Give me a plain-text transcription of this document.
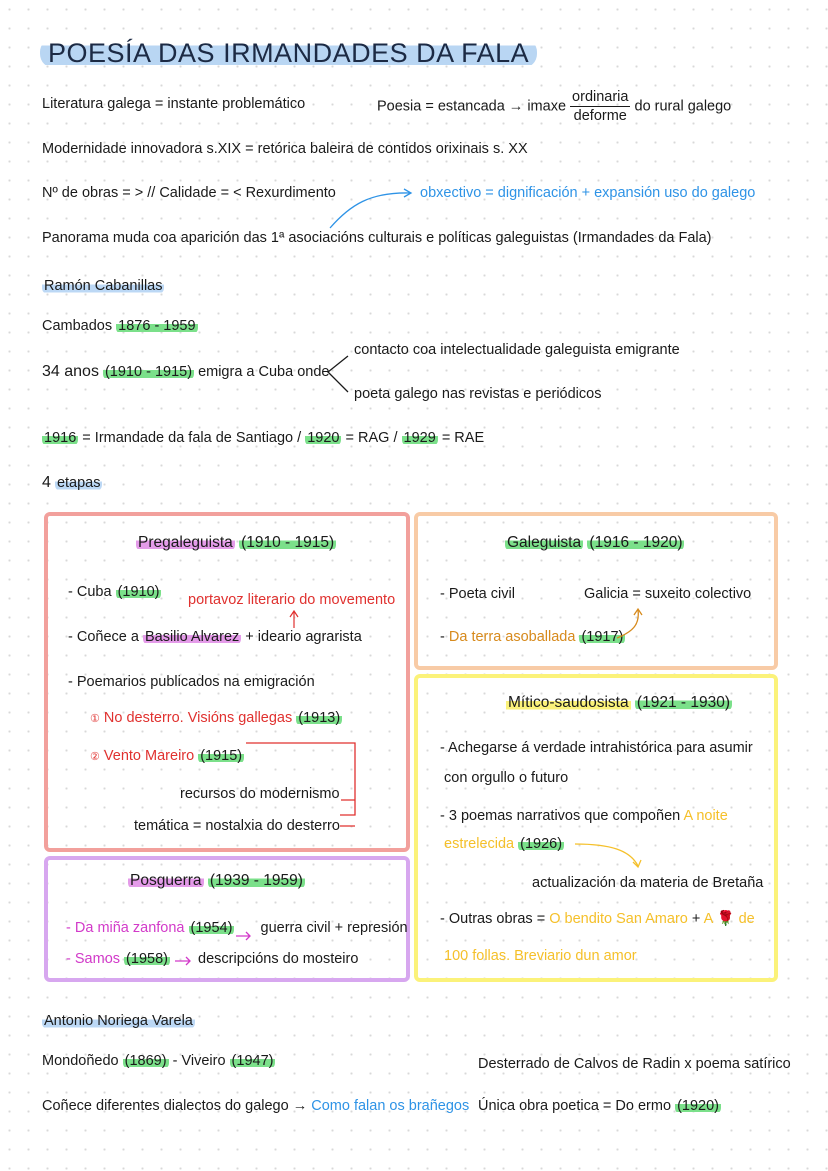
POESÍA DAS IRMANDADES DA FALA
Literatura galega = instante problemático	Poesia = estancada → imaxe $\frac{\text{ordinaria}}{\text{deforme}}$ do rural galego
Modernidade innovadora s.XIX = retórica baleira de contidos orixinais s. XX
Nº de obras = > // Calidade = < Rexurdimento	obxectivo = dignificación + expansión uso do galego
Panorama muda coa aparición das 1ª asociacións culturais e políticas galeguistas (Irmandades da Fala)
Ramón Cabanillas
Cambados 1876 - 1959
34 anos (1910 - 1915) emigra a Cuba onde
contacto coa intelectualidade galeguista emigrante
poeta galego nas revistas e periódicos
1916 = Irmandade da fala de Santiago / 1920 = RAG / 1929 = RAE
4 etapas
Pregaleguista (1910 - 1915)
- Cuba (1910) portavoz literario do movemento
- Coñece a Basilio Alvarez + ideario agrarista
- Poemarios publicados na emigración
① No desterro. Visións gallegas (1913)
② Vento Mareiro (1915)
recursos do modernismo
temática = nostalxia do desterro
Galeguista (1916 - 1920)
- Poeta civil	Galicia = suxeito colectivo
- Da terra asoballada (1917)
Mítico-saudosista (1921 - 1930)
- Achegarse á verdade intrahistórica para asumir
con orgullo o futuro
- 3 poemas narrativos que compoñen A noite
estrelecida (1926)
actualización da materia de Bretaña
- Outras obras = O bendito San Amaro + A 🌹 de
100 follas. Breviario dun amor
Posguerra (1939 - 1959)
- Da miña zanfona (1954) guerra civil + represión
- Samos (1958) descripcións do mosteiro
Antonio Noriega Varela
Mondoñedo (1869) - Viveiro (1947)	Desterrado de Calvos de Radin x poema satírico
Coñece diferentes dialectos do galego → Como falan os brañegos Única obra poetica = Do ermo (1920)
